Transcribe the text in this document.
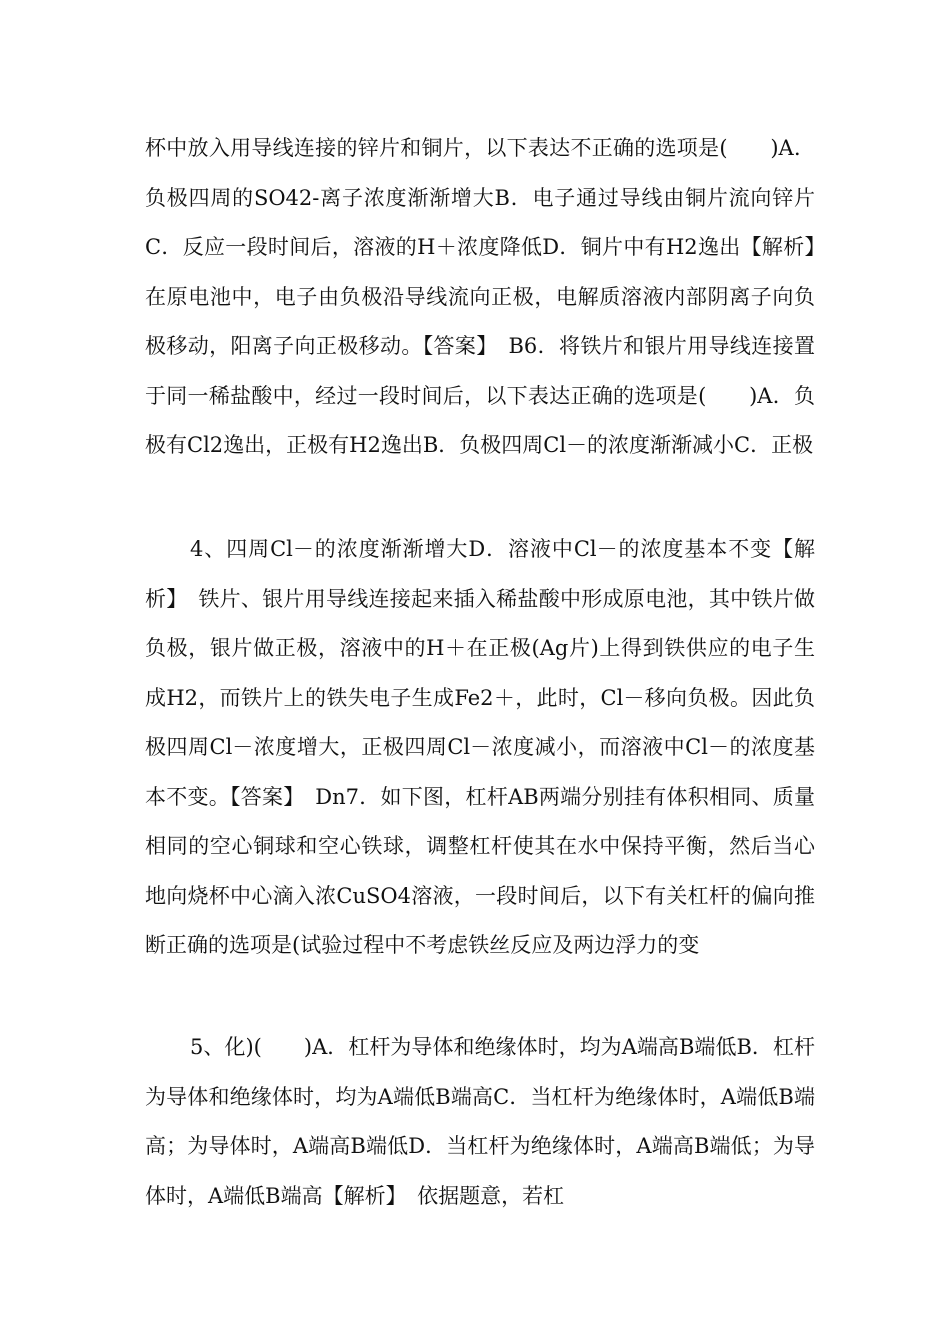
杯中放入用导线连接的锌片和铜片，以下表达不正确的选项是(　　)A．负极四周的SO42-离子浓度渐渐增大B．电子通过导线由铜片流向锌片C．反应一段时间后，溶液的H＋浓度降低D．铜片中有H2逸出【解析】　在原电池中，电子由负极沿导线流向正极，电解质溶液内部阴离子向负极移动，阳离子向正极移动。【答案】　B6．将铁片和银片用导线连接置于同一稀盐酸中，经过一段时间后，以下表达正确的选项是(　　)A．负极有Cl2逸出，正极有H2逸出B．负极四周Cl－的浓度渐渐减小C．正极

4、四周Cl－的浓度渐渐增大D．溶液中Cl－的浓度基本不变【解析】　铁片、银片用导线连接起来插入稀盐酸中形成原电池，其中铁片做负极，银片做正极，溶液中的H＋在正极(Ag片)上得到铁供应的电子生成H2，而铁片上的铁失电子生成Fe2＋，此时，Cl－移向负极。因此负极四周Cl－浓度增大，正极四周Cl－浓度减小，而溶液中Cl－的浓度基本不变。【答案】　Dn7．如下图，杠杆AB两端分别挂有体积相同、质量相同的空心铜球和空心铁球，调整杠杆使其在水中保持平衡，然后当心地向烧杯中心滴入浓CuSO4溶液，一段时间后，以下有关杠杆的偏向推断正确的选项是(试验过程中不考虑铁丝反应及两边浮力的变

5、化)(　　)A．杠杆为导体和绝缘体时，均为A端高B端低B．杠杆为导体和绝缘体时，均为A端低B端高C．当杠杆为绝缘体时，A端低B端高；为导体时，A端高B端低D．当杠杆为绝缘体时，A端高B端低；为导体时，A端低B端高【解析】　依据题意，若杠
